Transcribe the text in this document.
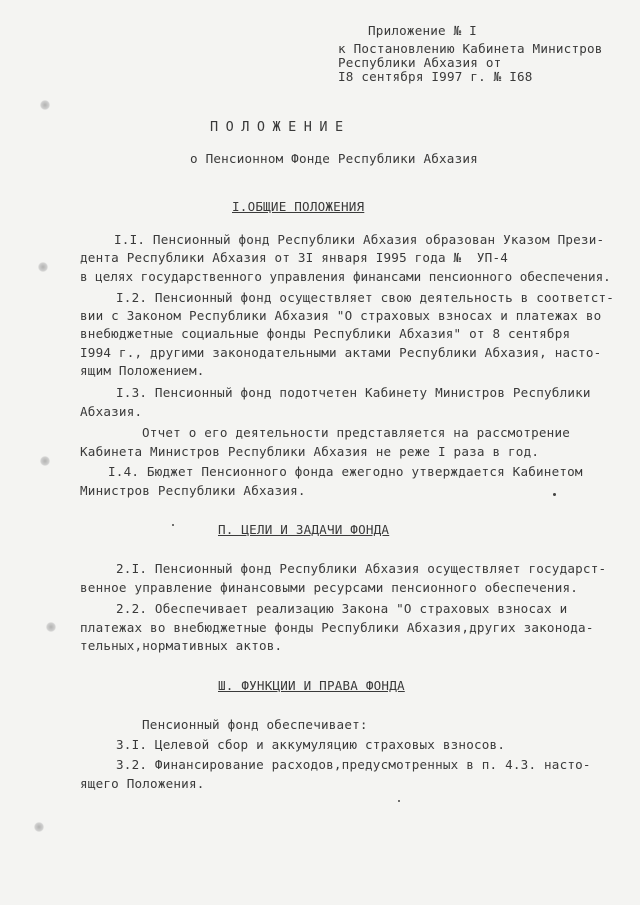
Приложение № I
к Постановлению Кабинета Министров
Республики Абхазия от
I8 сентября I997 г. № I68
ПОЛОЖЕНИЕ
о Пенсионном Фонде Республики Абхазия
I.ОБЩИЕ ПОЛОЖЕНИЯ
I.I. Пенсионный фонд Республики Абхазия образован Указом Прези-
дента Республики Абхазия от 3I января I995 года №  УП-4
в целях государственного управления финансами пенсионного обеспечения.
I.2. Пенсионный фонд осуществляет свою деятельность в соответст-
вии с Законом Республики Абхазия "О страховых взносах и платежах во
внебюджетные социальные фонды Республики Абхазия" от 8 сентября
I994 г., другими законодательными актами Республики Абхазия, насто-
ящим Положением.
I.3. Пенсионный фонд подотчетен Кабинету Министров Республики
Абхазия.
Отчет о его деятельности представляется на рассмотрение
Кабинета Министров Республики Абхазия не реже I раза в год.
I.4. Бюджет Пенсионного фонда ежегодно утверждается Кабинетом
Министров Республики Абхазия.
П. ЦЕЛИ И ЗАДАЧИ ФОНДА
2.I. Пенсионный фонд Республики Абхазия осуществляет государст-
венное управление финансовыми ресурсами пенсионного обеспечения.
2.2. Обеспечивает реализацию Закона "О страховых взносах и
платежах во внебюджетные фонды Республики Абхазия,других законода-
тельных,нормативных актов.
Ш. ФУНКЦИИ И ПРАВА ФОНДА
Пенсионный фонд обеспечивает:
3.I. Целевой сбор и аккумуляцию страховых взносов.
3.2. Финансирование расходов,предусмотренных в п. 4.3. насто-
ящего Положения.
